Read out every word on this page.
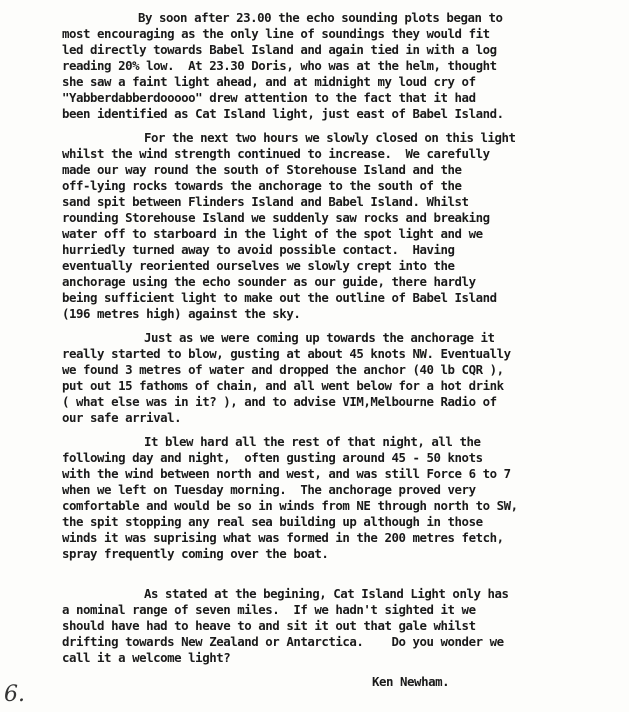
By soon after 23.00 the echo sounding plots began to
most encouraging as the only line of soundings they would fit
led directly towards Babel Island and again tied in with a log
reading 20% low.  At 23.30 Doris, who was at the helm, thought
she saw a faint light ahead, and at midnight my loud cry of
"Yabberdabberdooooo" drew attention to the fact that it had
been identified as Cat Island light, just east of Babel Island.
For the next two hours we slowly closed on this light
whilst the wind strength continued to increase.  We carefully
made our way round the south of Storehouse Island and the
off-lying rocks towards the anchorage to the south of the
sand spit between Flinders Island and Babel Island. Whilst
rounding Storehouse Island we suddenly saw rocks and breaking
water off to starboard in the light of the spot light and we
hurriedly turned away to avoid possible contact.  Having
eventually reoriented ourselves we slowly crept into the
anchorage using the echo sounder as our guide, there hardly
being sufficient light to make out the outline of Babel Island
(196 metres high) against the sky.
Just as we were coming up towards the anchorage it
really started to blow, gusting at about 45 knots NW. Eventually
we found 3 metres of water and dropped the anchor (40 lb CQR ),
put out 15 fathoms of chain, and all went below for a hot drink
( what else was in it? ), and to advise VIM,Melbourne Radio of
our safe arrival.
It blew hard all the rest of that night, all the
following day and night,  often gusting around 45 - 50 knots
with the wind between north and west, and was still Force 6 to 7
when we left on Tuesday morning.  The anchorage proved very
comfortable and would be so in winds from NE through north to SW,
the spit stopping any real sea building up although in those
winds it was suprising what was formed in the 200 metres fetch,
spray frequently coming over the boat.
As stated at the begining, Cat Island Light only has
a nominal range of seven miles.  If we hadn't sighted it we
should have had to heave to and sit it out that gale whilst
drifting towards New Zealand or Antarctica.    Do you wonder we
call it a welcome light?
Ken Newham.
6.
